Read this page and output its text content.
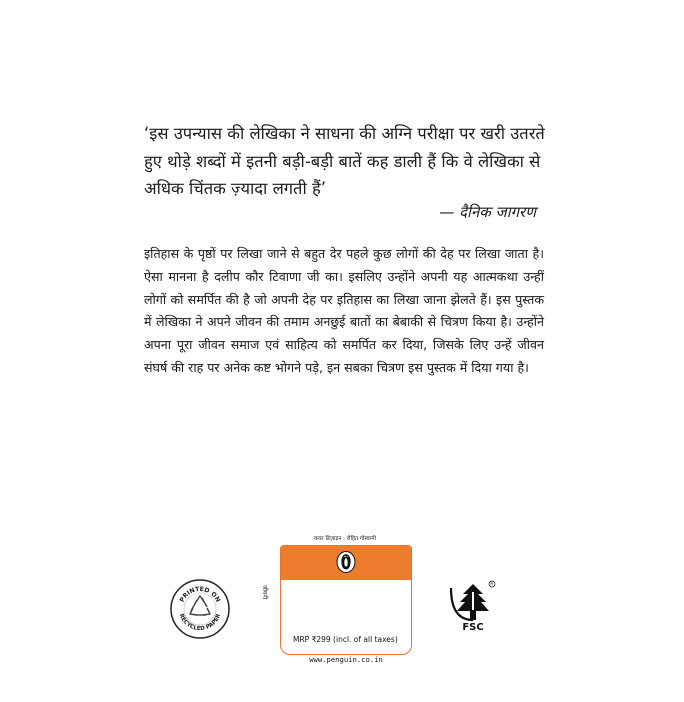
‘इस उपन्यास की लेखिका ने साधना की अग्नि परीक्षा पर खरी उतरते हुए थोड़े शब्दों में इतनी बड़ी-बड़ी बातें कह डाली हैं कि वे लेखिका से अधिक चिंतक ज़्यादा लगती हैं’

— दैनिक जागरण

इतिहास के पृष्ठों पर लिखा जाने से बहुत देर पहले कुछ लोगों की देह पर लिखा जाता है। ऐसा मानना है दलीप कौर टिवाणा जी का। इसलिए उन्होंने अपनी यह आत्मकथा उन्हीं लोगों को समर्पित की है जो अपनी देह पर इतिहास का लिखा जाना झेलते हैं। इस पुस्तक में लेखिका ने अपने जीवन की तमाम अनछुई बातों का बेबाकी से चित्रण किया है। उन्होंने अपना पूरा जीवन समाज एवं साहित्य को समर्पित कर दिया, जिसके लिए उन्हें जीवन संघर्ष की राह पर अनेक कष्ट भोगने पड़े, इन सबका चित्रण इस पुस्तक में दिया गया है।

PRINTED ON
RECYCLED PAPER
कवर डिज़ाइन : रोहित गोस्वामी
जीवनी
MRP ₹299 (incl. of all taxes)
www.penguin.co.in
R
FSC
